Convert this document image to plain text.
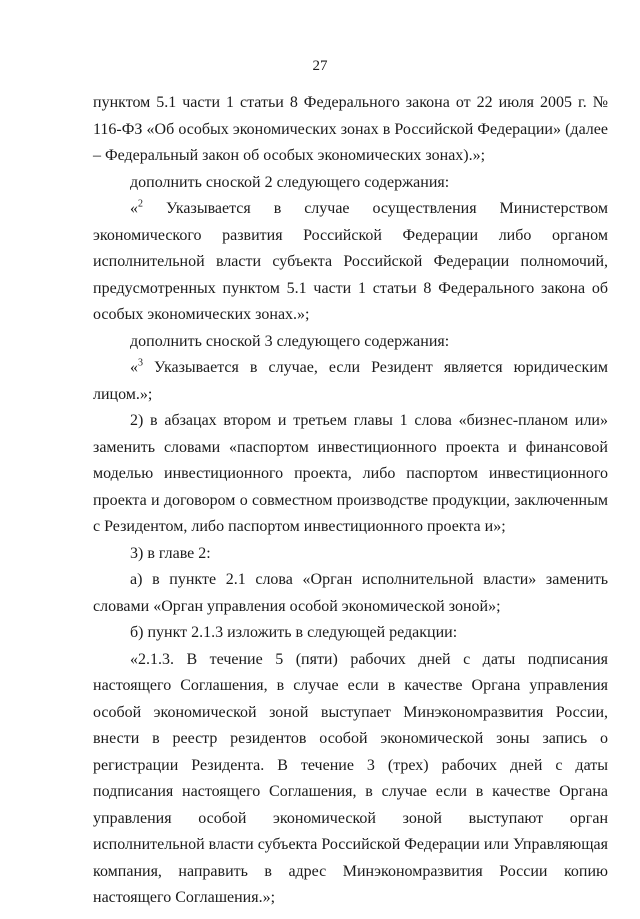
27

пунктом 5.1 части 1 статьи 8 Федерального закона от 22 июля 2005 г. № 116-ФЗ «Об особых экономических зонах в Российской Федерации» (далее – Федеральный закон об особых экономических зонах).»;

дополнить сноской 2 следующего содержания:

«$^2$ Указывается в случае осуществления Министерством экономического развития Российской Федерации либо органом исполнительной власти субъекта Российской Федерации полномочий, предусмотренных пунктом 5.1 части 1 статьи 8 Федерального закона об особых экономических зонах.»;

дополнить сноской 3 следующего содержания:

«$^3$ Указывается в случае, если Резидент является юридическим лицом.»;

2) в абзацах втором и третьем главы 1 слова «бизнес-планом или» заменить словами «паспортом инвестиционного проекта и финансовой моделью инвестиционного проекта, либо паспортом инвестиционного проекта и договором о совместном производстве продукции, заключенным с Резидентом, либо паспортом инвестиционного проекта и»;

3) в главе 2:

а) в пункте 2.1 слова «Орган исполнительной власти» заменить словами «Орган управления особой экономической зоной»;

б) пункт 2.1.3 изложить в следующей редакции:

«2.1.3. В течение 5 (пяти) рабочих дней с даты подписания настоящего Соглашения, в случае если в качестве Органа управления особой экономической зоной выступает Минэкономразвития России, внести в реестр резидентов особой экономической зоны запись о регистрации Резидента. В течение 3 (трех) рабочих дней с даты подписания настоящего Соглашения, в случае если в качестве Органа управления особой экономической зоной выступают орган исполнительной власти субъекта Российской Федерации или Управляющая компания, направить в адрес Минэкономразвития России копию настоящего Соглашения.»;
